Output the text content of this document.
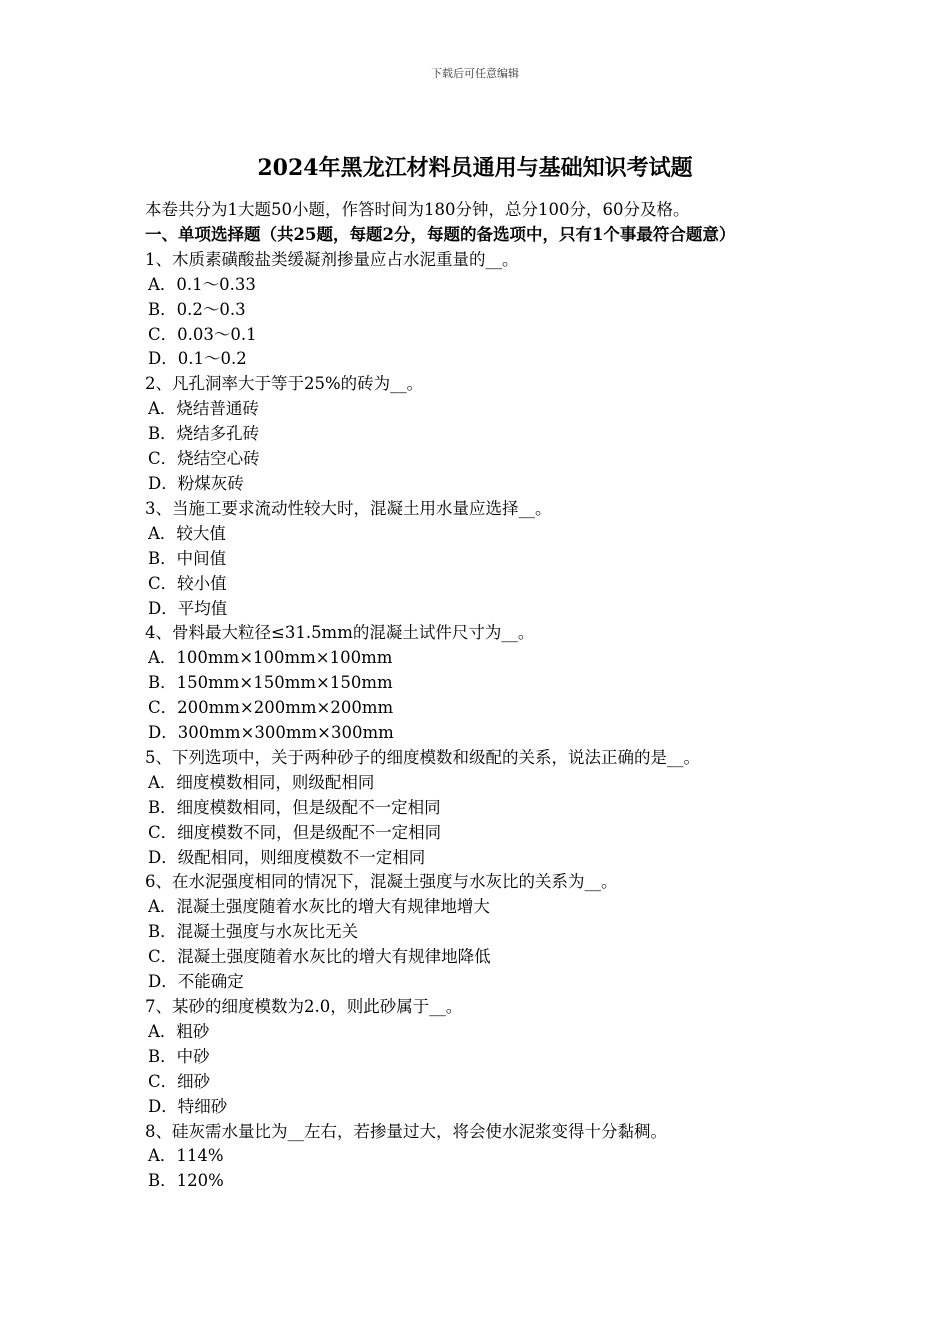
下载后可任意编辑
2024年黑龙江材料员通用与基础知识考试题
本卷共分为1大题50小题，作答时间为180分钟，总分100分，60分及格。
一、单项选择题（共25题，每题2分，每题的备选项中，只有1个事最符合题意）
1、木质素磺酸盐类缓凝剂掺量应占水泥重量的__。
A．0.1～0.33
B．0.2～0.3
C．0.03～0.1
D．0.1～0.2
2、凡孔洞率大于等于25%的砖为__。
A．烧结普通砖
B．烧结多孔砖
C．烧结空心砖
D．粉煤灰砖
3、当施工要求流动性较大时，混凝土用水量应选择__。
A．较大值
B．中间值
C．较小值
D．平均值
4、骨料最大粒径≤31.5mm的混凝土试件尺寸为__。
A．100mm×100mm×100mm
B．150mm×150mm×150mm
C．200mm×200mm×200mm
D．300mm×300mm×300mm
5、下列选项中，关于两种砂子的细度模数和级配的关系，说法正确的是__。
A．细度模数相同，则级配相同
B．细度模数相同，但是级配不一定相同
C．细度模数不同，但是级配不一定相同
D．级配相同，则细度模数不一定相同
6、在水泥强度相同的情况下，混凝土强度与水灰比的关系为__。
A．混凝土强度随着水灰比的增大有规律地增大
B．混凝土强度与水灰比无关
C．混凝土强度随着水灰比的增大有规律地降低
D．不能确定
7、某砂的细度模数为2.0，则此砂属于__。
A．粗砂
B．中砂
C．细砂
D．特细砂
8、硅灰需水量比为__左右，若掺量过大，将会使水泥浆变得十分黏稠。
A．114%
B．120%
